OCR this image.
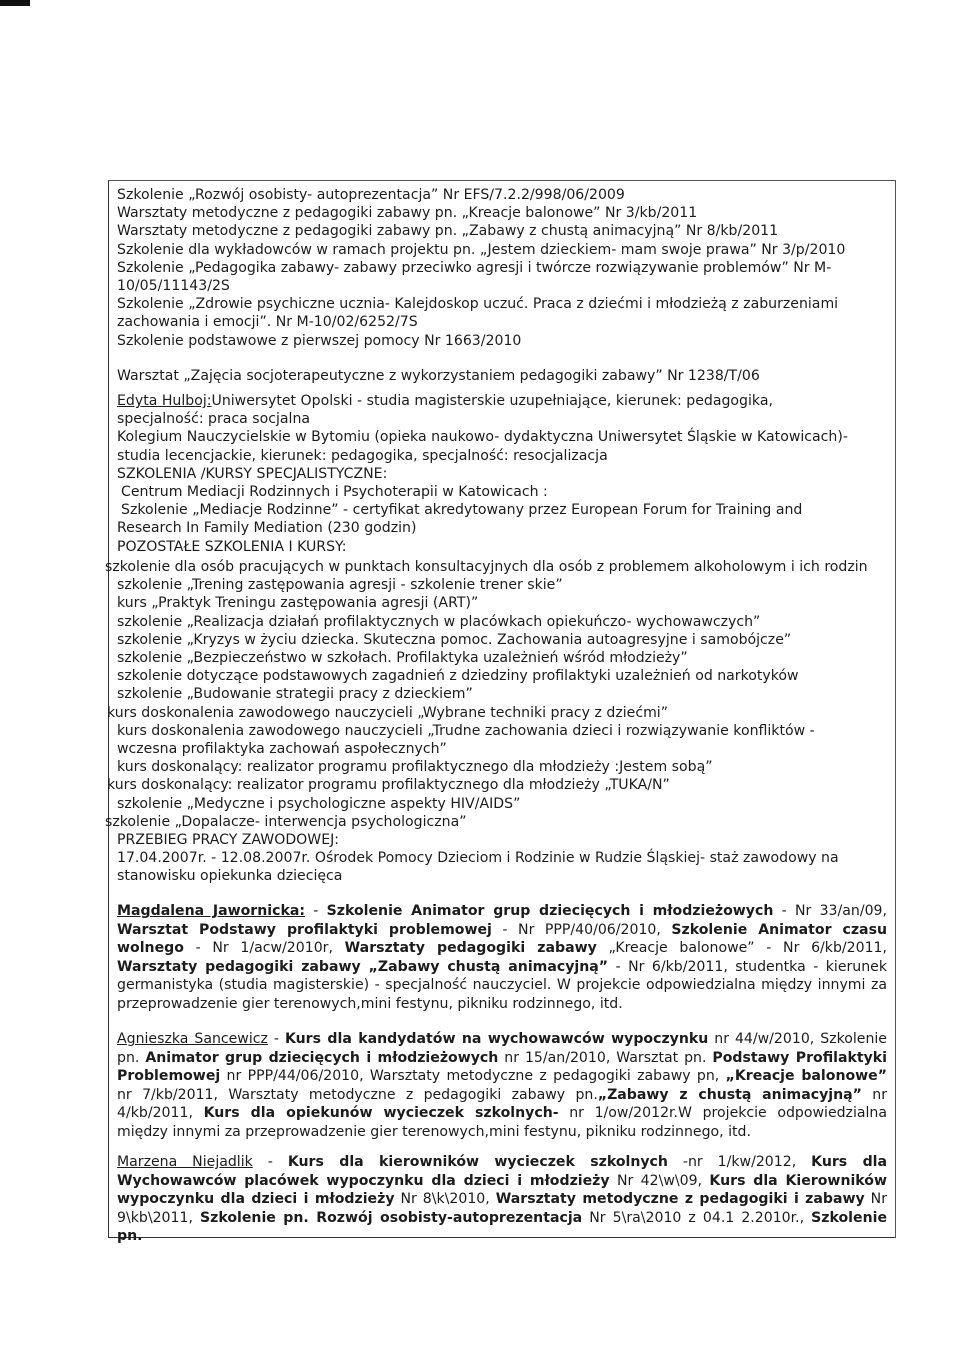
Szkolenie „Rozwój osobisty- autoprezentacja” Nr EFS/7.2.2/998/06/2009
Warsztaty metodyczne z pedagogiki zabawy pn. „Kreacje balonowe” Nr 3/kb/2011
Warsztaty metodyczne z pedagogiki zabawy pn. „Zabawy z chustą animacyjną” Nr 8/kb/2011
Szkolenie dla wykładowców w ramach projektu pn. „Jestem dzieckiem- mam swoje prawa” Nr 3/p/2010
Szkolenie „Pedagogika zabawy- zabawy przeciwko agresji i twórcze rozwiązywanie problemów” Nr M-
10/05/11143/2S
Szkolenie „Zdrowie psychiczne ucznia- Kalejdoskop uczuć. Praca z dziećmi i młodzieżą z zaburzeniami
zachowania i emocji”. Nr M-10/02/6252/7S
Szkolenie podstawowe z pierwszej pomocy Nr 1663/2010
Warsztat „Zajęcia socjoterapeutyczne z wykorzystaniem pedagogiki zabawy” Nr 1238/T/06
Edyta Hulboj:Uniwersytet Opolski - studia magisterskie uzupełniające, kierunek: pedagogika,
specjalność: praca socjalna
Kolegium Nauczycielskie w Bytomiu (opieka naukowo- dydaktyczna Uniwersytet Śląskie w Katowicach)-
studia lecencjackie, kierunek: pedagogika, specjalność: resocjalizacja
SZKOLENIA /KURSY SPECJALISTYCZNE:
Centrum Mediacji Rodzinnych i Psychoterapii w Katowicach :
Szkolenie „Mediacje Rodzinne” - certyfikat akredytowany przez European Forum for Training and
Research In Family Mediation (230 godzin)
POZOSTAŁE SZKOLENIA I KURSY:
szkolenie dla osób pracujących w punktach konsultacyjnych dla osób z problemem alkoholowym i ich rodzin
szkolenie „Trening zastępowania agresji - szkolenie trener skie”
kurs „Praktyk Treningu zastępowania agresji (ART)”
szkolenie „Realizacja działań profilaktycznych w placówkach opiekuńczo- wychowawczych”
szkolenie „Kryzys w życiu dziecka. Skuteczna pomoc. Zachowania autoagresyjne i samobójcze”
szkolenie „Bezpieczeństwo w szkołach. Profilaktyka uzależnień wśród młodzieży”
szkolenie dotyczące podstawowych zagadnień z dziedziny profilaktyki uzależnień od narkotyków
szkolenie „Budowanie strategii pracy z dzieckiem”
kurs doskonalenia zawodowego nauczycieli „Wybrane techniki pracy z dziećmi”
kurs doskonalenia zawodowego nauczycieli „Trudne zachowania dzieci i rozwiązywanie konfliktów -
wczesna profilaktyka zachowań aspołecznych”
kurs doskonalący: realizator programu profilaktycznego dla młodzieży :Jestem sobą”
kurs doskonalący: realizator programu profilaktycznego dla młodzieży „TUKA/N”
szkolenie „Medyczne i psychologiczne aspekty HIV/AIDS”
szkolenie „Dopalacze- interwencja psychologiczna”
PRZEBIEG PRACY ZAWODOWEJ:
17.04.2007r. - 12.08.2007r. Ośrodek Pomocy Dzieciom i Rodzinie w Rudzie Śląskiej- staż zawodowy na
stanowisku opiekunka dziecięca

Magdalena Jawornicka: - Szkolenie Animator grup dziecięcych i młodzieżowych - Nr 33/an/09, Warsztat Podstawy profilaktyki problemowej - Nr PPP/40/06/2010, Szkolenie Animator czasu wolnego - Nr 1/acw/2010r, Warsztaty pedagogiki zabawy „Kreacje balonowe” - Nr 6/kb/2011, Warsztaty pedagogiki zabawy „Zabawy chustą animacyjną” - Nr 6/kb/2011, studentka - kierunek germanistyka (studia magisterskie) - specjalność nauczyciel. W projekcie odpowiedzialna między innymi za przeprowadzenie gier terenowych,mini festynu, pikniku rodzinnego, itd.

Agnieszka Sancewicz - Kurs dla kandydatów na wychowawców wypoczynku nr 44/w/2010, Szkolenie pn. Animator grup dziecięcych i młodzieżowych nr 15/an/2010, Warsztat pn. Podstawy Profilaktyki Problemowej nr PPP/44/06/2010, Warsztaty metodyczne z pedagogiki zabawy pn, „Kreacje balonowe” nr 7/kb/2011, Warsztaty metodyczne z pedagogiki zabawy pn.„Zabawy z chustą animacyjną” nr 4/kb/2011, Kurs dla opiekunów wycieczek szkolnych- nr 1/ow/2012r.W projekcie odpowiedzialna między innymi za przeprowadzenie gier terenowych,mini festynu, pikniku rodzinnego, itd.

Marzena Niejadlik - Kurs dla kierowników wycieczek szkolnych -nr 1/kw/2012, Kurs dla Wychowawców placówek wypoczynku dla dzieci i młodzieży Nr 42\w\09, Kurs dla Kierowników wypoczynku dla dzieci i młodzieży Nr 8\k\2010, Warsztaty metodyczne z pedagogiki i zabawy Nr 9\kb\2011, Szkolenie pn. Rozwój osobisty-autoprezentacja Nr 5\ra\2010 z 04.1 2.2010r., Szkolenie pn.
